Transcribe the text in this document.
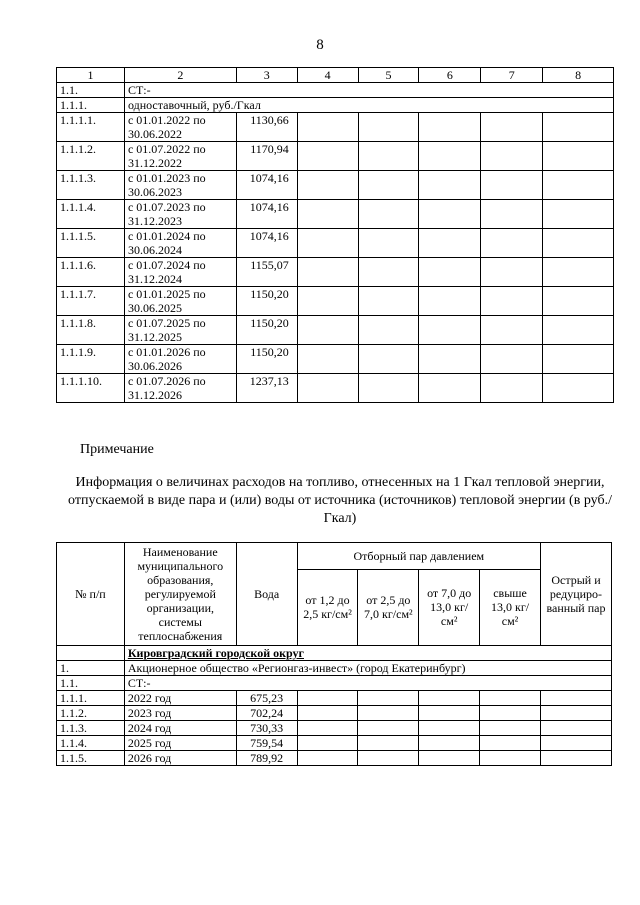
8
1	2	3	4	5	6	7	8
1.1.	СТ:-						
1.1.1.	одноставочный, руб./Гкал						
1.1.1.1.	с 01.01.2022 по 30.06.2022	1130,66					
1.1.1.2.	с 01.07.2022 по 31.12.2022	1170,94					
1.1.1.3.	с 01.01.2023 по 30.06.2023	1074,16					
1.1.1.4.	с 01.07.2023 по 31.12.2023	1074,16					
1.1.1.5.	с 01.01.2024 по 30.06.2024	1074,16					
1.1.1.6.	с 01.07.2024 по 31.12.2024	1155,07					
1.1.1.7.	с 01.01.2025 по 30.06.2025	1150,20					
1.1.1.8.	с 01.07.2025 по 31.12.2025	1150,20					
1.1.1.9.	с 01.01.2026 по 30.06.2026	1150,20					
1.1.1.10.	с 01.07.2026 по 31.12.2026	1237,13					
Примечание
Информация о величинах расходов на топливо, отнесенных на 1 Гкал тепловой энергии, отпускаемой в виде пара и (или) воды от источника (источников) тепловой энергии (в руб./Гкал)
№ п/п	Наименование муниципального образования, регулируемой организации, системы теплоснабжения	Вода	Отборный пар давлением				Острый и редуциро-ванный пар
			от 1,2 до 2,5 кг/см²	от 2,5 до 7,0 кг/см²	от 7,0 до 13,0 кг/см²	свыше 13,0 кг/см²	
	Кировградский городской округ						
1.	Акционерное общество «Регионгаз-инвест» (город Екатеринбург)						
1.1.	СТ:-						
1.1.1.	2022 год	675,23					
1.1.2.	2023 год	702,24					
1.1.3.	2024 год	730,33					
1.1.4.	2025 год	759,54					
1.1.5.	2026 год	789,92					
